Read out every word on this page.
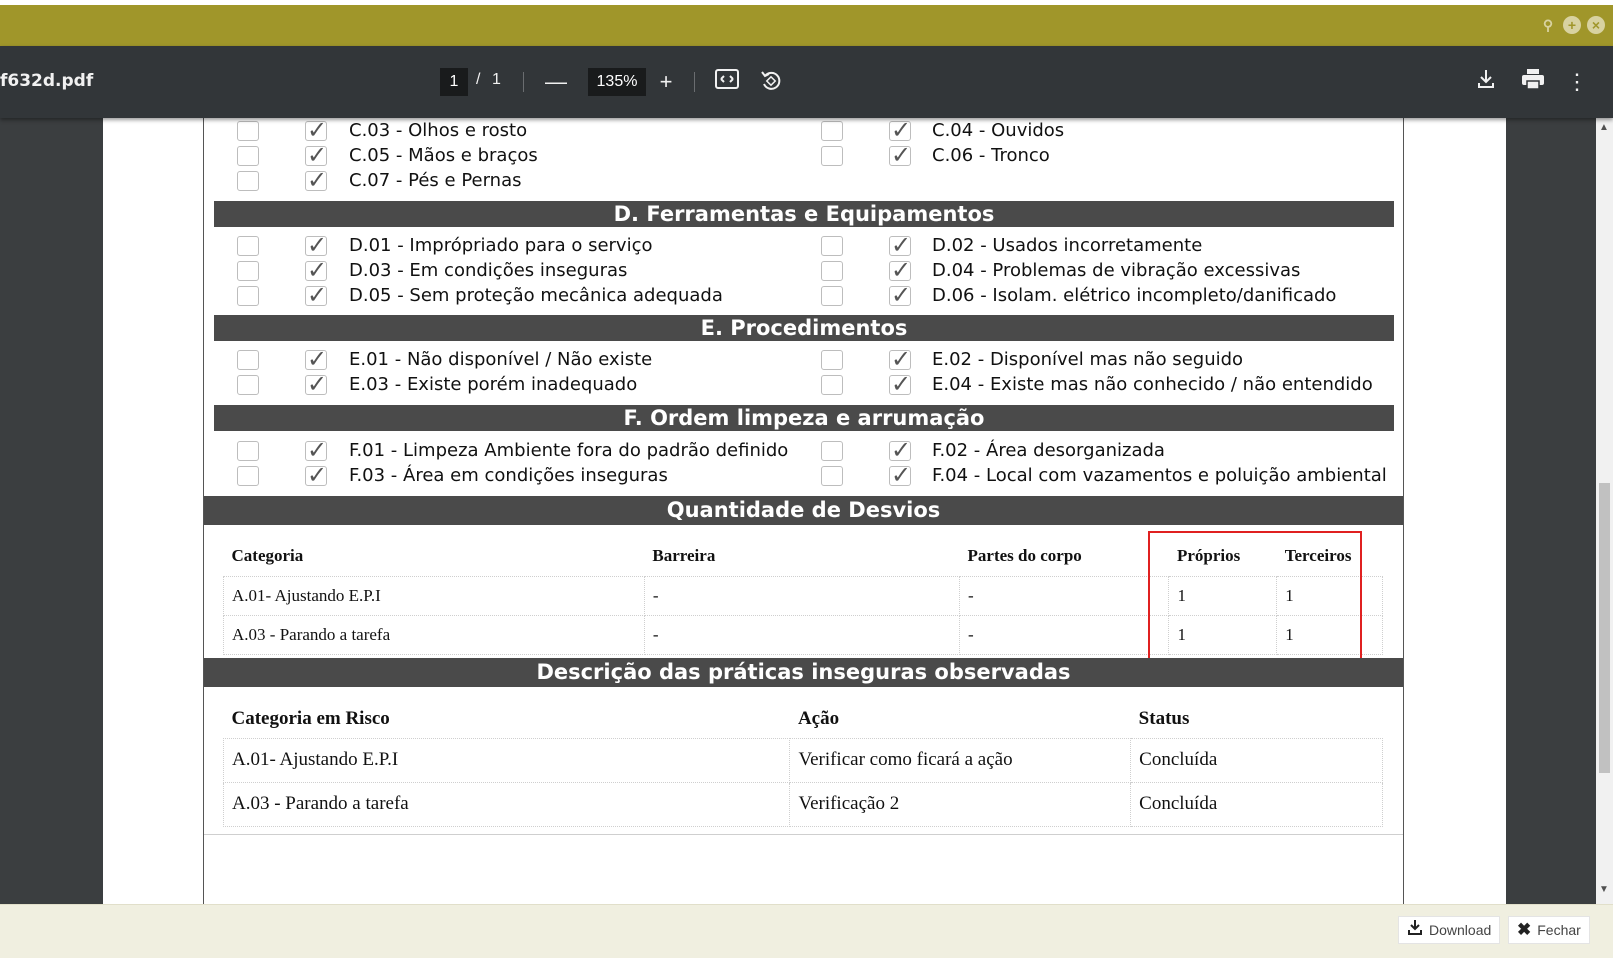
⚲	+	×
f632d.pdf	1	/ 1 —	135%	+	⋮
▲
▼
✓
C.03 - Olhos e rosto ✓	C.04 - Ouvidos
✓
C.05 - Mãos e braços ✓	C.06 - Tronco
✓
C.07 - Pés e Pernas
D. Ferramentas e Equipamentos
✓
D.01 - Imprópriado para o serviço ✓	D.02 - Usados incorretamente
✓
D.03 - Em condições inseguras ✓	D.04 - Problemas de vibração excessivas
✓
D.05 - Sem proteção mecânica adequada ✓	D.06 - Isolam. elétrico incompleto/danificado
E. Procedimentos
✓
E.01 - Não disponível / Não existe ✓	E.02 - Disponível mas não seguido
✓
E.03 - Existe porém inadequado ✓	E.04 - Existe mas não conhecido / não entendido
F. Ordem limpeza e arrumação
✓
F.01 - Limpeza Ambiente fora do padrão definido ✓	F.02 - Área desorganizada
✓
F.03 - Área em condições inseguras ✓	F.04 - Local com vazamentos e poluição ambiental
Quantidade de Desvios
Categoria	Barreira	Partes do corpo	Próprios	Terceiros
A.01- Ajustando E.P.I	-	-	1	1
A.03 - Parando a tarefa	-	-	1	1
Descrição das práticas inseguras observadas
Categoria em Risco	Ação	Status
A.01- Ajustando E.P.I	Verificar como ficará a ação	Concluída
A.03 - Parando a tarefa	Verificação 2	Concluída
Download ✖ Fechar
